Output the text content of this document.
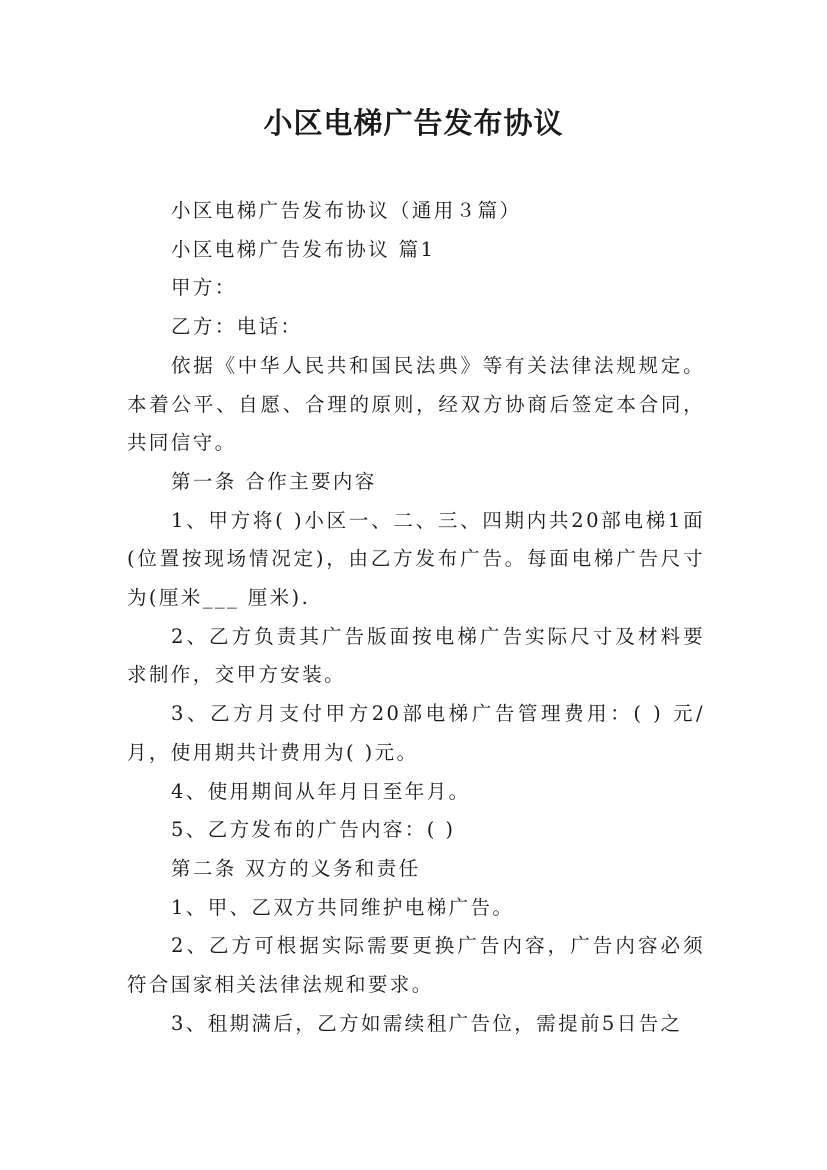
小区电梯广告发布协议

小区电梯广告发布协议（通用３篇）

小区电梯广告发布协议 篇1

甲方：

乙方：电话：

依据《中华人民共和国民法典》等有关法律法规规定。本着公平、自愿、合理的原则，经双方协商后签定本合同，共同信守。

第一条 合作主要内容

1、甲方将( )小区一、二、三、四期内共20部电梯1面(位置按现场情况定)，由乙方发布广告。每面电梯广告尺寸为(厘米___ 厘米).

2、乙方负责其广告版面按电梯广告实际尺寸及材料要求制作，交甲方安装。

3、乙方月支付甲方20部电梯广告管理费用：( ) 元/月，使用期共计费用为( )元。

4、使用期间从年月日至年月。

5、乙方发布的广告内容：( )

第二条 双方的义务和责任

1、甲、乙双方共同维护电梯广告。

2、乙方可根据实际需要更换广告内容，广告内容必须符合国家相关法律法规和要求。

3、租期满后，乙方如需续租广告位，需提前5日告之
